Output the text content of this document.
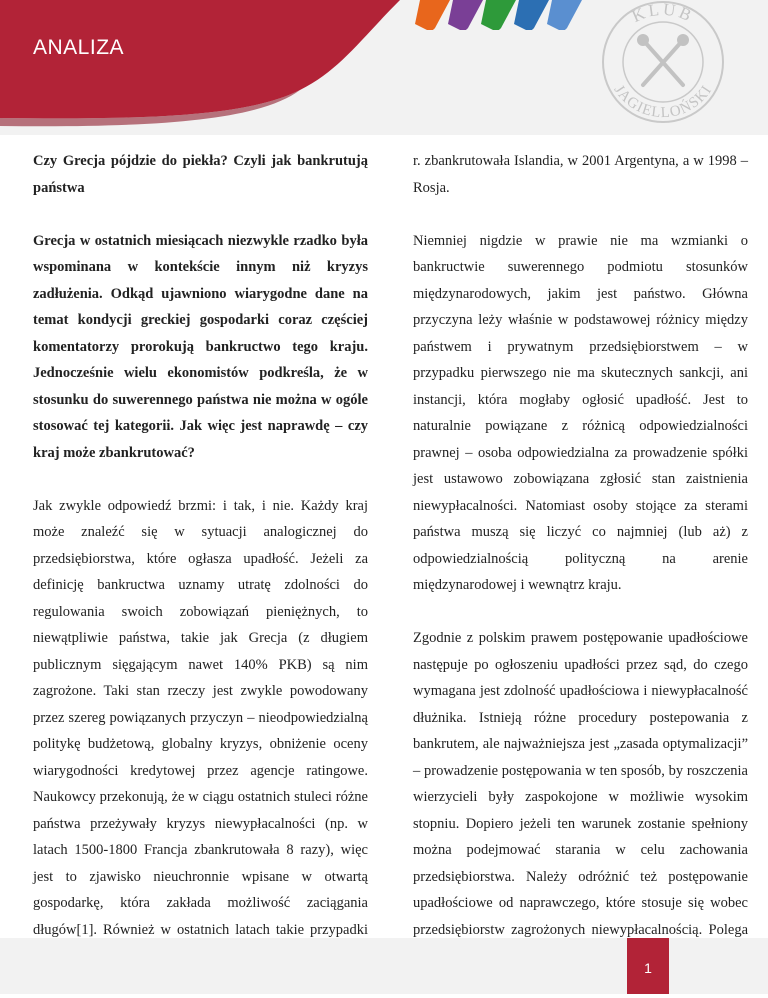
ANALIZA
KLUB
JAGIELLOŃSKI

Czy Grecja pójdzie do piekła? Czyli jak bankrutują państwa

Grecja w ostatnich miesiącach niezwykle rzadko była wspominana w kontekście innym niż kryzys zadłużenia. Odkąd ujawniono wiarygodne dane na temat kondycji greckiej gospodarki coraz częściej komentatorzy prorokują bankructwo tego kraju. Jednocześnie wielu ekonomistów podkreśla, że w stosunku do suwerennego państwa nie można w ogóle stosować tej kategorii. Jak więc jest naprawdę – czy kraj może zbankrutować?

Jak zwykle odpowiedź brzmi: i tak, i nie. Każdy kraj może znaleźć się w sytuacji analogicznej do przedsiębiorstwa, które ogłasza upadłość. Jeżeli za definicję bankructwa uznamy utratę zdolności do regulowania swoich zobowiązań pieniężnych, to niewątpliwie państwa, takie jak Grecja (z długiem publicznym sięgającym nawet 140% PKB) są nim zagrożone. Taki stan rzeczy jest zwykle powodowany przez szereg powiązanych przyczyn – nieodpowiedzialną politykę budżetową, globalny kryzys, obniżenie oceny wiarygodności kredytowej przez agencje ratingowe. Naukowcy przekonują, że w ciągu ostatnich stuleci różne państwa przeżywały kryzys niewypłacalności (np. w latach 1500-1800 Francja zbankrutowała 8 razy), więc jest to zjawisko nieuchronnie wpisane w otwartą gospodarkę, która zakłada możliwość zaciągania długów[1]. Również w ostatnich latach takie przypadki

r. zbankrutowała Islandia, w 2001 Argentyna, a w 1998 – Rosja.

Niemniej nigdzie w prawie nie ma wzmianki o bankructwie suwerennego podmiotu stosunków międzynarodowych, jakim jest państwo. Główna przyczyna leży właśnie w podstawowej różnicy między państwem i prywatnym przedsiębiorstwem – w przypadku pierwszego nie ma skutecznych sankcji, ani instancji, która mogłaby ogłosić upadłość. Jest to naturalnie powiązane z różnicą odpowiedzialności prawnej – osoba odpowiedzialna za prowadzenie spółki jest ustawowo zobowiązana zgłosić stan zaistnienia niewypłacalności. Natomiast osoby stojące za sterami państwa muszą się liczyć co najmniej (lub aż) z odpowiedzialnością polityczną na arenie międzynarodowej i wewnątrz kraju.

Zgodnie z polskim prawem postępowanie upadłościowe następuje po ogłoszeniu upadłości przez sąd, do czego wymagana jest zdolność upadłościowa i niewypłacalność dłużnika. Istnieją różne procedury postepowania z bankrutem, ale najważniejsza jest „zasada optymalizacji” – prowadzenie postępowania w ten sposób, by roszczenia wierzycieli były zaspokojone w możliwie wysokim stopniu. Dopiero jeżeli ten warunek zostanie spełniony można podejmować starania w celu zachowania przedsiębiorstwa. Należy odróżnić też postępowanie upadłościowe od naprawczego, które stosuje się wobec przedsiębiorstw zagrożonych niewypłacalnością. Polega

1
